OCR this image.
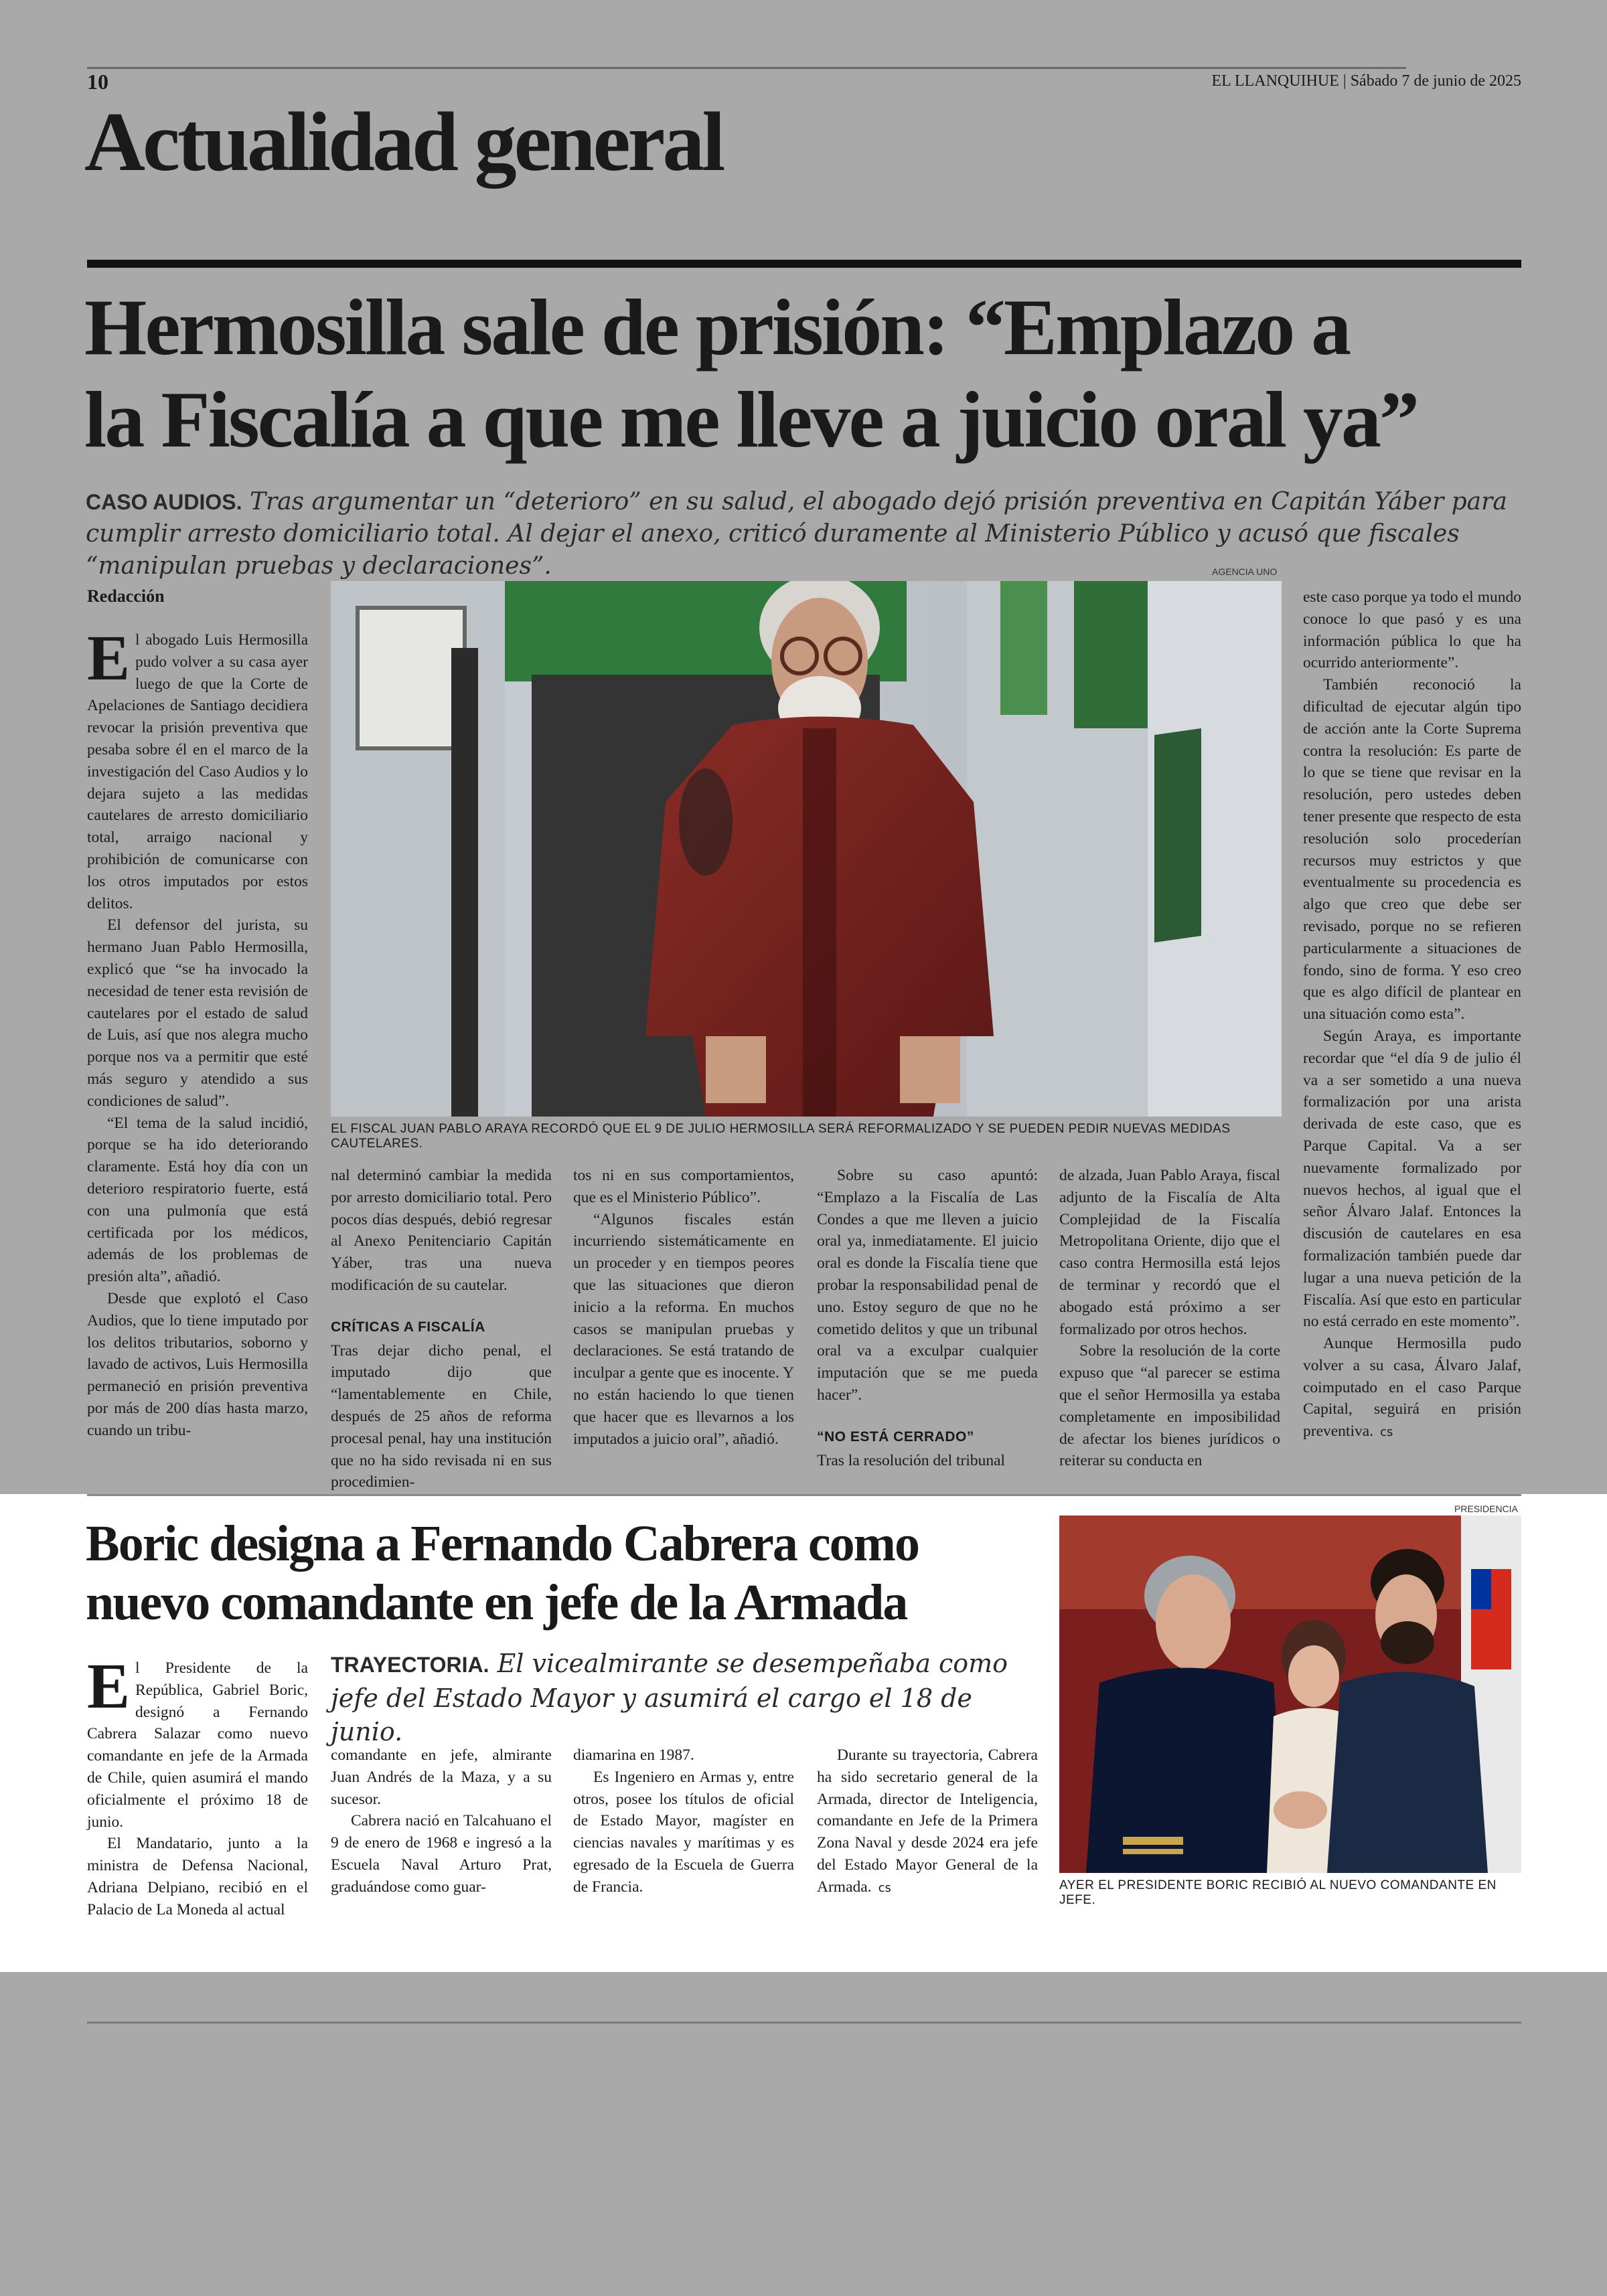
10	EL LLANQUIHUE | Sábado 7 de junio de 2025
Actualidad general
Hermosilla sale de prisión: “Emplazo a
la Fiscalía a que me lleve a juicio oral ya”
CASO AUDIOS. Tras argumentar un “deterioro” en su salud, el abogado dejó prisión preventiva en Capitán Yáber para cumplir arresto domiciliario total. Al dejar el anexo, criticó duramente al Ministerio Público y acusó que fiscales “manipulan pruebas y declaraciones”.	AGENCIA UNO
Redacción
EL FISCAL JUAN PABLO ARAYA RECORDÓ QUE EL 9 DE JULIO HERMOSILLA SERÁ REFORMALIZADO Y SE PUEDEN PEDIR NUEVAS MEDIDAS CAUTELARES.

El abogado Luis Hermosilla pudo volver a su casa ayer luego de que la Corte de Apelaciones de Santiago decidiera revocar la prisión preventiva que pesaba sobre él en el marco de la investigación del Caso Audios y lo dejara sujeto a las medidas cautelares de arresto domiciliario total, arraigo nacional y prohibición de comunicarse con los otros imputados por estos delitos.

El defensor del jurista, su hermano Juan Pablo Hermosilla, explicó que “se ha invocado la necesidad de tener esta revisión de cautelares por el estado de salud de Luis, así que nos alegra mucho porque nos va a permitir que esté más seguro y atendido a sus condiciones de salud”.

“El tema de la salud incidió, porque se ha ido deteriorando claramente. Está hoy día con un deterioro respiratorio fuerte, está con una pulmonía que está certificada por los médicos, además de los problemas de presión alta”, añadió.

Desde que explotó el Caso Audios, que lo tiene imputado por los delitos tributarios, soborno y lavado de activos, Luis Hermosilla permaneció en prisión preventiva por más de 200 días hasta marzo, cuando un tribu-

nal determinó cambiar la medida por arresto domiciliario total. Pero pocos días después, debió regresar al Anexo Penitenciario Capitán Yáber, tras una nueva modificación de su cautelar.

CRÍTICAS A FISCALÍA

Tras dejar dicho penal, el imputado dijo que “lamentablemente en Chile, después de 25 años de reforma procesal penal, hay una institución que no ha sido revisada ni en sus procedimien-

tos ni en sus comportamientos, que es el Ministerio Público”.

“Algunos fiscales están incurriendo sistemáticamente en un proceder y en tiempos peores que las situaciones que dieron inicio a la reforma. En muchos casos se manipulan pruebas y declaraciones. Se está tratando de inculpar a gente que es inocente. Y no están haciendo lo que tienen que hacer que es llevarnos a los imputados a juicio oral”, añadió.

Sobre su caso apuntó: “Emplazo a la Fiscalía de Las Condes a que me lleven a juicio oral ya, inmediatamente. El juicio oral es donde la Fiscalía tiene que probar la responsabilidad penal de uno. Estoy seguro de que no he cometido delitos y que un tribunal oral va a exculpar cualquier imputación que se me pueda hacer”.

“NO ESTÁ CERRADO”

Tras la resolución del tribunal

de alzada, Juan Pablo Araya, fiscal adjunto de la Fiscalía de Alta Complejidad de la Fiscalía Metropolitana Oriente, dijo que el caso contra Hermosilla está lejos de terminar y recordó que el abogado está próximo a ser formalizado por otros hechos.

Sobre la resolución de la corte expuso que “al parecer se estima que el señor Hermosilla ya estaba completamente en imposibilidad de afectar los bienes jurídicos o reiterar su conducta en

este caso porque ya todo el mundo conoce lo que pasó y es una información pública lo que ha ocurrido anteriormente”.

También reconoció la dificultad de ejecutar algún tipo de acción ante la Corte Suprema contra la resolución: Es parte de lo que se tiene que revisar en la resolución, pero ustedes deben tener presente que respecto de esta resolución solo procederían recursos muy estrictos y que eventualmente su procedencia es algo que creo que debe ser revisado, porque no se refieren particularmente a situaciones de fondo, sino de forma. Y eso creo que es algo difícil de plantear en una situación como esta”.

Según Araya, es importante recordar que “el día 9 de julio él va a ser sometido a una nueva formalización por una arista derivada de este caso, que es Parque Capital. Va a ser nuevamente formalizado por nuevos hechos, al igual que el señor Álvaro Jalaf. Entonces la discusión de cautelares en esa formalización también puede dar lugar a una nueva petición de la Fiscalía. Así que esto en particular no está cerrado en este momento”.

Aunque Hermosilla pudo volver a su casa, Álvaro Jalaf, coimputado en el caso Parque Capital, seguirá en prisión preventiva. cs

Boric designa a Fernando Cabrera como
nuevo comandante en jefe de la Armada
TRAYECTORIA. El vicealmirante se desempeñaba como jefe del Estado Mayor y asumirá el cargo el 18 de junio.
PRESIDENCIA
AYER EL PRESIDENTE BORIC RECIBIÓ AL NUEVO COMANDANTE EN JEFE.

El Presidente de la República, Gabriel Boric, designó a Fernando Cabrera Salazar como nuevo comandante en jefe de la Armada de Chile, quien asumirá el mando oficialmente el próximo 18 de junio.

El Mandatario, junto a la ministra de Defensa Nacional, Adriana Delpiano, recibió en el Palacio de La Moneda al actual

comandante en jefe, almirante Juan Andrés de la Maza, y a su sucesor.

Cabrera nació en Talcahuano el 9 de enero de 1968 e ingresó a la Escuela Naval Arturo Prat, graduándose como guar-

diamarina en 1987.

Es Ingeniero en Armas y, entre otros, posee los títulos de oficial de Estado Mayor, magíster en ciencias navales y marítimas y es egresado de la Escuela de Guerra de Francia.

Durante su trayectoria, Cabrera ha sido secretario general de la Armada, director de Inteligencia, comandante en Jefe de la Primera Zona Naval y desde 2024 era jefe del Estado Mayor General de la Armada. cs
